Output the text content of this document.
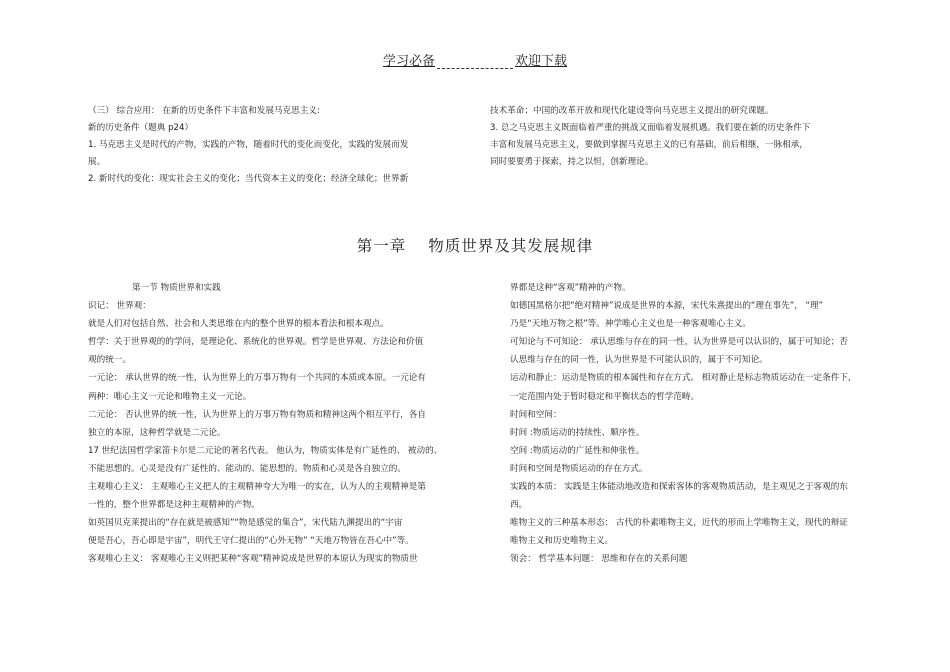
学习必备	欢迎下载

（三） 综合应用： 在新的历史条件下丰富和发展马克思主义:

新的历史条件（题典 p24）

1. 马克思主义是时代的产物，实践的产物，随着时代的变化而变化，实践的发展而发

展。

2. 新时代的变化：现实社会主义的变化；当代资本主义的变化；经济全球化；世界新

技术革命；中国的改革开放和现代化建设等向马克思主义提出的研究课题。

3. 总之马克思主义既面临着严重的挑战又面临着发展机遇。我们要在新的历史条件下

丰富和发展马克思主义，要做到掌握马克思主义的已有基础，前后相继，一脉相承，

同时要要勇于探索，持之以恒，创新理论。

第一章 物质世界及其发展规律

第一节 物质世界和实践

识记： 世界观：

就是人们对包括自然、社会和人类思维在内的整个世界的根本看法和根本观点。

哲学：关于世界观的的学问，是理论化、系统化的世界观。哲学是世界观、方法论和价值

观的统一。

一元论： 承认世界的统一性，认为世界上的万事万物有一个共同的本质或本原。一元论有

两种：唯心主义一元论和唯物主义一元论。

二元论： 否认世界的统一性，认为世界上的万事万物有物质和精神这两个相互平行，各自

独立的本原，这种哲学就是二元论。

17 世纪法国哲学家笛卡尔是二元论的著名代表。 他认为，物质实体是有广延性的、 被动的、

不能思想的。心灵是没有广延性的、能动的、能思想的。物质和心灵是各自独立的。

主观唯心主义： 主观唯心主义把人的主观精神夸大为唯一的实在，认为人的主观精神是第

一性的，整个世界都是这种主观精神的产物。

如英国贝克莱提出的“存在就是被感知”“物是感觉的集合”，宋代陆九渊提出的“宇宙

便是吾心，吾心即是宇宙”，明代王守仁提出的“心外无物” “天地万物皆在吾心中”等。

客观唯心主义： 客观唯心主义则把某种“客观”精神说成是世界的本原认为现实的物质世

界都是这种“客观”精神的产物。

如德国黑格尔把“绝对精神”说成是世界的本源，宋代朱熹提出的“理在事先”， “理”

乃是“天地万物之根”等。神学唯心主义也是一种客观唯心主义。

可知论与不可知论： 承认思维与存在的同一性，认为世界是可以认识的，属于可知论；否

认思维与存在的同一性，认为世界是不可能认识的，属于不可知论。

运动和静止：运动是物质的根本属性和存在方式。 相对静止是标志物质运动在一定条件下，

一定范围内处于暂时稳定和平衡状态的哲学范畴。

时间和空间：

时间 :物质运动的持续性、顺序性。

空间 :物质运动的广延性和伸张性。

时间和空间是物质运动的存在方式。

实践的本质： 实践是主体能动地改造和探索客体的客观物质活动，是主观见之于客观的东

西。

唯物主义的三种基本形态： 古代的朴素唯物主义，近代的形而上学唯物主义，现代的辩证

唯物主义和历史唯物主义。

领会： 哲学基本问题： 思维和存在的关系问题
